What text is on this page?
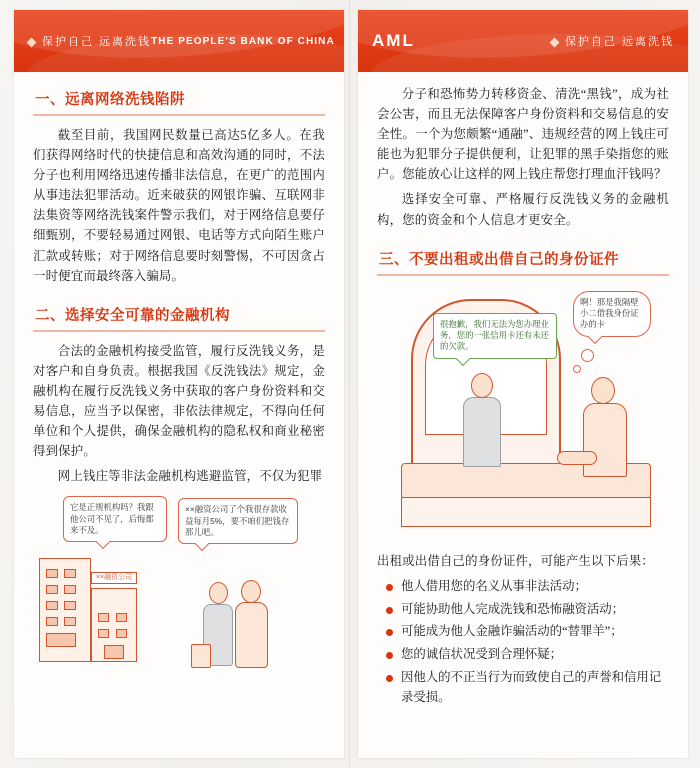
保护自己 远离洗钱 THE PEOPLE'S BANK OF CHINA
一、远离网络洗钱陷阱

截至目前，我国网民数量已高达5亿多人。在我们获得网络时代的快捷信息和高效沟通的同时，不法分子也利用网络迅速传播非法信息，在更广的范围内从事违法犯罪活动。近来破获的网银诈骗、互联网非法集资等网络洗钱案件警示我们，对于网络信息要仔细甄别，不要轻易通过网银、电话等方式向陌生账户汇款或转账；对于网络信息要时刻警惕，不可因贪占一时便宜而最终落入骗局。

二、选择安全可靠的金融机构

合法的金融机构接受监管，履行反洗钱义务，是对客户和自身负责。根据我国《反洗钱法》规定，金融机构在履行反洗钱义务中获取的客户身份资料和交易信息，应当予以保密，非依法律规定，不得向任何单位和个人提供，确保金融机构的隐私权和商业秘密得到保护。

网上钱庄等非法金融机构逃避监管，不仅为犯罪

它是正规机构吗？我跟他公司不见了，后悔都来不及。
××融资公司了个我很存款收益每月5%，要不咱们把钱存那儿吧。
××融资公司
AML	保护自己 远离洗钱

分子和恐怖势力转移资金、清洗“黑钱”，成为社会公害，而且无法保障客户身份资料和交易信息的安全性。一个为您颇繁“通融”、违规经营的网上钱庄可能也为犯罪分子提供便利，让犯罪的黑手染指您的账户。您能放心让这样的网上钱庄帮您打理血汗钱吗？

选择安全可靠、严格履行反洗钱义务的金融机构，您的资金和个人信息才更安全。

三、不要出租或出借自己的身份证件
很抱歉，我们无法为您办理业务，您的一张信用卡还有未还的欠款。
啊！那是我隔壁小二借我身份证办的卡

出租或出借自己的身份证件，可能产生以下后果：

他人借用您的名义从事非法活动；
可能协助他人完成洗钱和恐怖融资活动；
可能成为他人金融诈骗活动的“替罪羊”；
您的诚信状况受到合理怀疑；
因他人的不正当行为而致使自己的声誉和信用记录受损。
